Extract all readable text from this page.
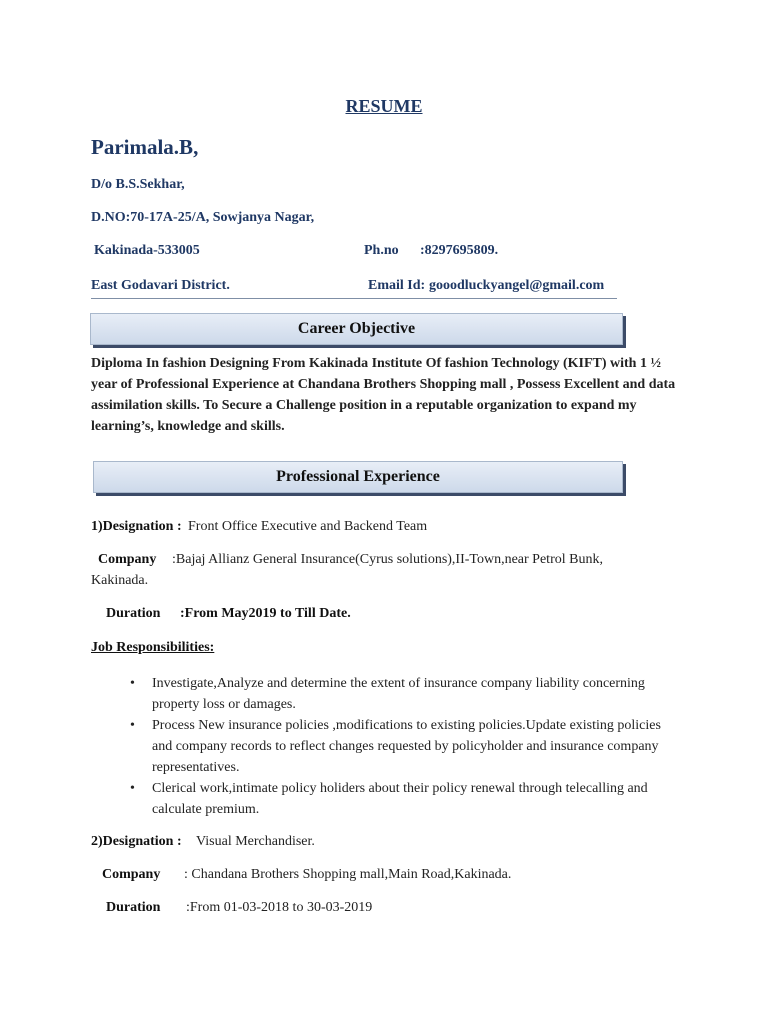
RESUME
Parimala.B,
D/o B.S.Sekhar,
D.NO:70-17A-25/A, Sowjanya Nagar,
Kakinada-533005	Ph.no :8297695809.
East Godavari District.	Email Id: gooodluckyangel@gmail.com
Career Objective
Diploma In fashion Designing From Kakinada Institute Of fashion Technology (KIFT) with 1 ½ year of Professional Experience at Chandana Brothers Shopping mall , Possess Excellent and data assimilation skills. To Secure a Challenge position in a reputable organization to expand my learning’s, knowledge and skills.
Professional Experience
1)Designation : Front Office Executive and Backend Team
Company :Bajaj Allianz General Insurance(Cyrus solutions),II-Town,near Petrol Bunk,
Kakinada.
Duration :From May2019 to Till Date.
Job Responsibilities:
• Investigate,Analyze and determine the extent of insurance company liability concerning property loss or damages.
• Process New insurance policies ,modifications to existing policies.Update existing policies and company records to reflect changes requested by policyholder and insurance company representatives.
• Clerical work,intimate policy holiders about their policy renewal through telecalling and calculate premium.
2)Designation : Visual Merchandiser.
Company : Chandana Brothers Shopping mall,Main Road,Kakinada.
Duration :From 01-03-2018 to 30-03-2019
